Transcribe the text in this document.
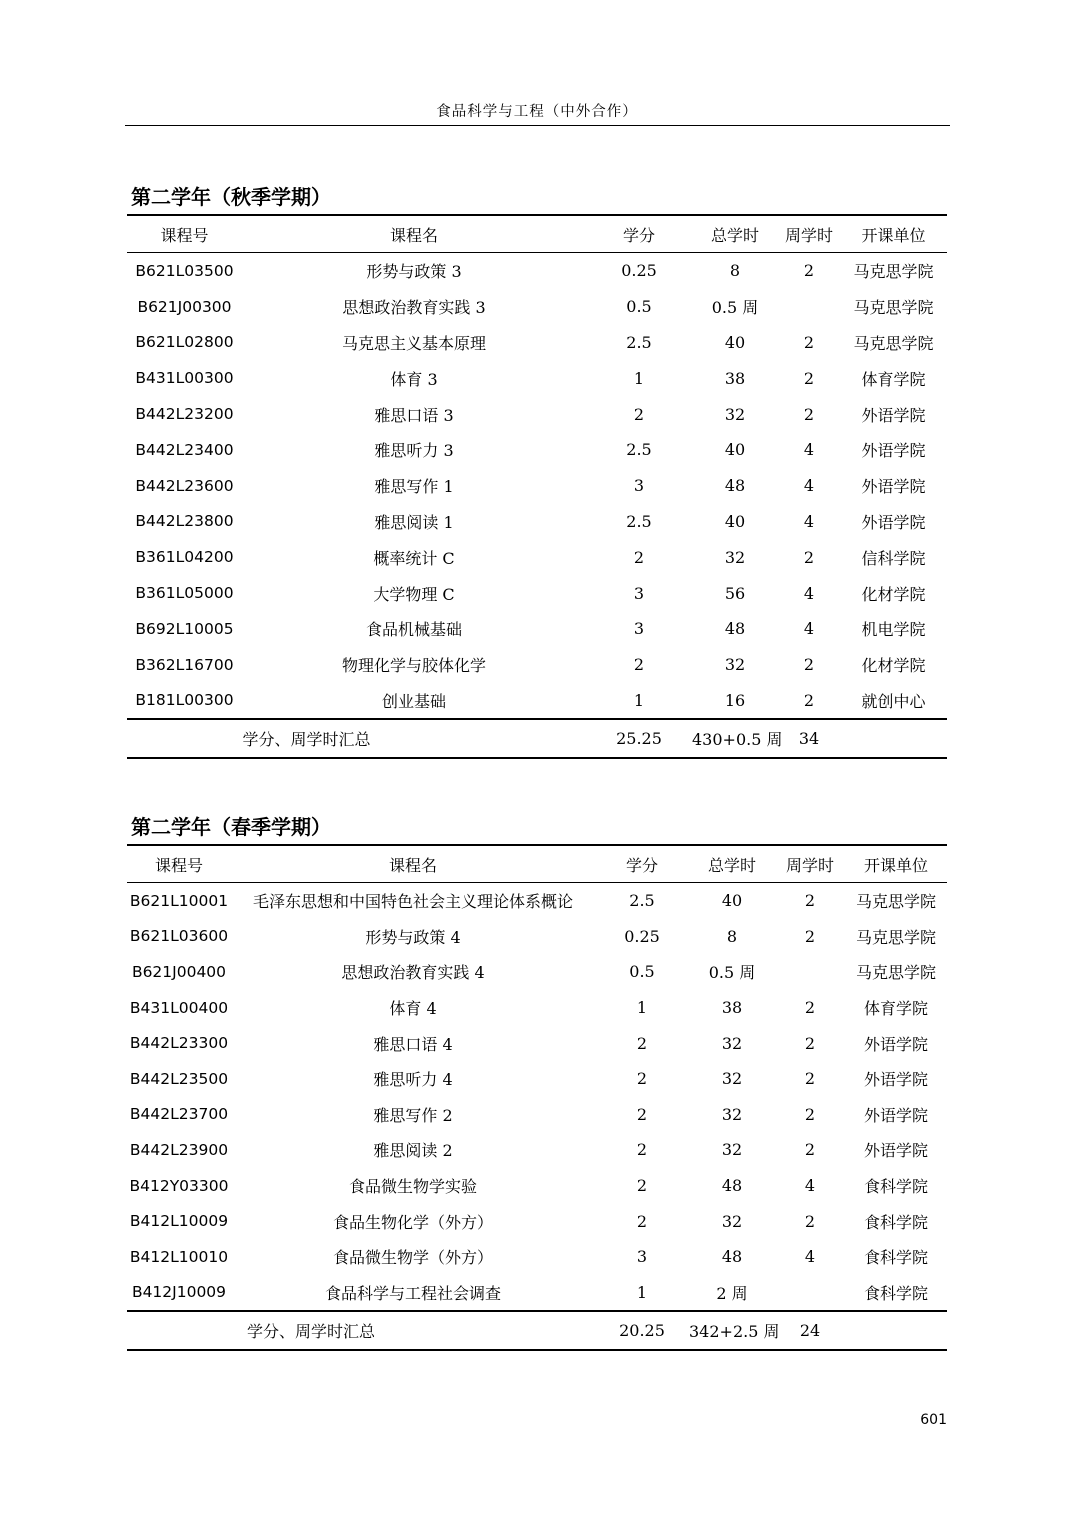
食品科学与工程（中外合作）
第二学年（秋季学期）
课程号	课程名	学分	总学时	周学时	开课单位
B621L03500	形势与政策 3	0.25	8	2	马克思学院
B621J00300	思想政治教育实践 3	0.5	0.5 周		马克思学院
B621L02800	马克思主义基本原理	2.5	40	2	马克思学院
B431L00300	体育 3	1	38	2	体育学院
B442L23200	雅思口语 3	2	32	2	外语学院
B442L23400	雅思听力 3	2.5	40	4	外语学院
B442L23600	雅思写作 1	3	48	4	外语学院
B442L23800	雅思阅读 1	2.5	40	4	外语学院
B361L04200	概率统计 C	2	32	2	信科学院
B361L05000	大学物理 C	3	56	4	化材学院
B692L10005	食品机械基础	3	48	4	机电学院
B362L16700	物理化学与胶体化学	2	32	2	化材学院
B181L00300	创业基础	1	16	2	就创中心
学分、周学时汇总		25.25	430+0.5 周	34	
第二学年（春季学期）
课程号	课程名	学分	总学时	周学时	开课单位
B621L10001	毛泽东思想和中国特色社会主义理论体系概论	2.5	40	2	马克思学院
B621L03600	形势与政策 4	0.25	8	2	马克思学院
B621J00400	思想政治教育实践 4	0.5	0.5 周		马克思学院
B431L00400	体育 4	1	38	2	体育学院
B442L23300	雅思口语 4	2	32	2	外语学院
B442L23500	雅思听力 4	2	32	2	外语学院
B442L23700	雅思写作 2	2	32	2	外语学院
B442L23900	雅思阅读 2	2	32	2	外语学院
B412Y03300	食品微生物学实验	2	48	4	食科学院
B412L10009	食品生物化学（外方）	2	32	2	食科学院
B412L10010	食品微生物学（外方）	3	48	4	食科学院
B412J10009	食品科学与工程社会调查	1	2 周		食科学院
学分、周学时汇总		20.25	342+2.5 周	24	
601
